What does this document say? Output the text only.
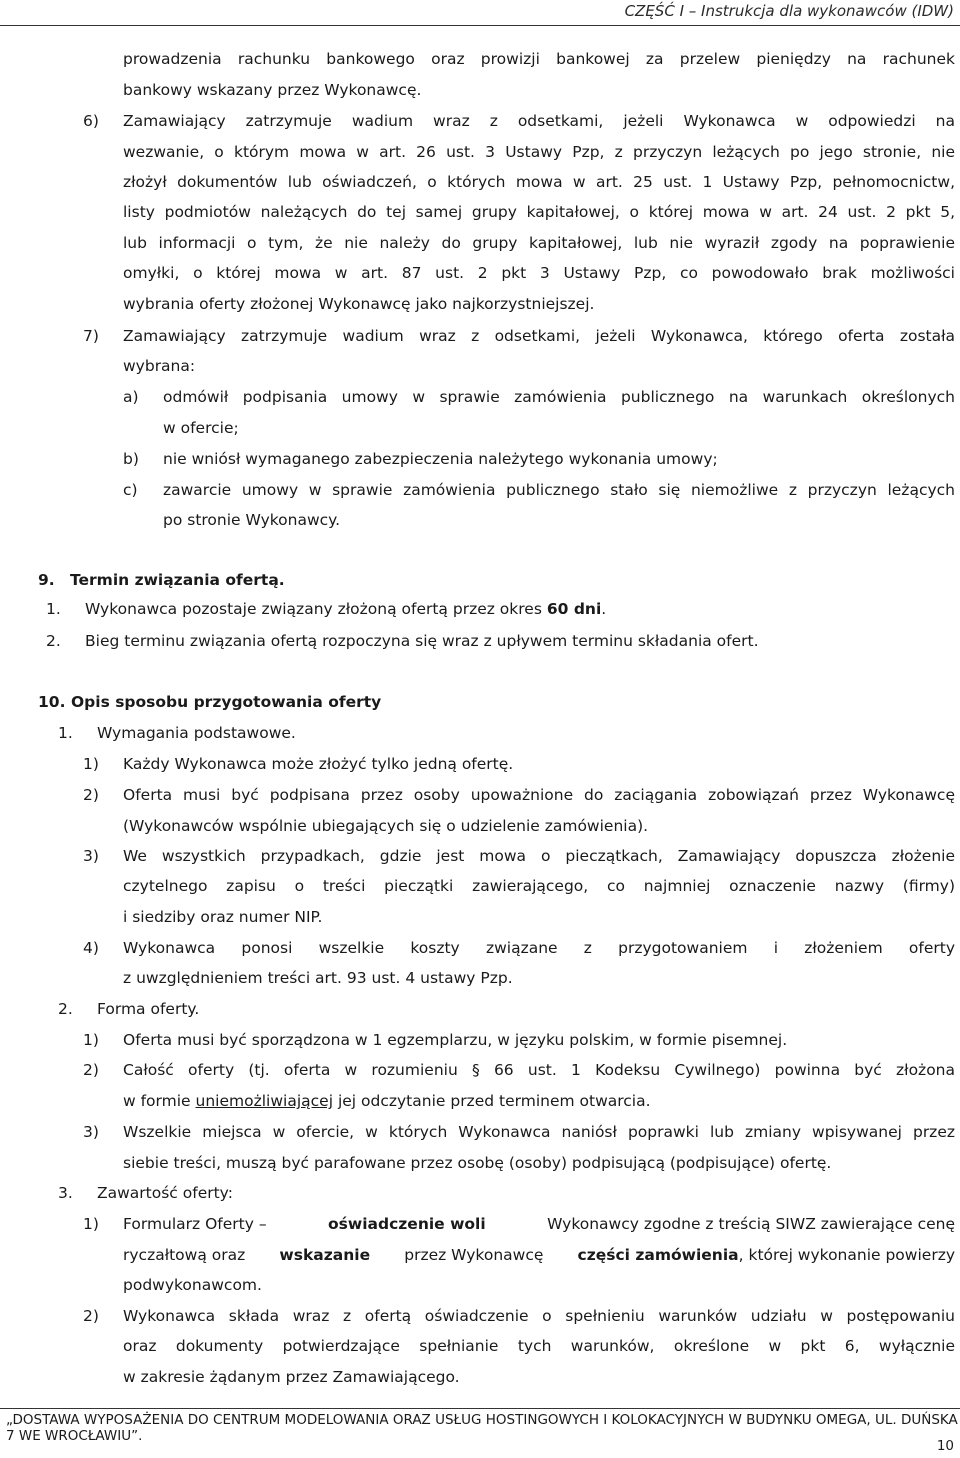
CZĘŚĆ I – Instrukcja dla wykonawców (IDW)
prowadzenia rachunku bankowego oraz prowizji bankowej za przelew pieniędzy na rachunek
bankowy wskazany przez Wykonawcę.
6) Zamawiający zatrzymuje wadium wraz z odsetkami, jeżeli Wykonawca w odpowiedzi na
wezwanie, o którym mowa w art. 26 ust. 3 Ustawy Pzp, z przyczyn leżących po jego stronie, nie
złożył dokumentów lub oświadczeń, o których mowa w art. 25 ust. 1 Ustawy Pzp, pełnomocnictw,
listy podmiotów należących do tej samej grupy kapitałowej, o której mowa w art. 24 ust. 2 pkt 5,
lub informacji o tym, że nie należy do grupy kapitałowej, lub nie wyraził zgody na poprawienie
omyłki, o której mowa w art. 87 ust. 2 pkt 3 Ustawy Pzp, co powodowało brak możliwości
wybrania oferty złożonej Wykonawcę jako najkorzystniejszej.
7) Zamawiający zatrzymuje wadium wraz z odsetkami, jeżeli Wykonawca, którego oferta została
wybrana:
a) odmówił podpisania umowy w sprawie zamówienia publicznego na warunkach określonych
w ofercie;
b) nie wniósł wymaganego zabezpieczenia należytego wykonania umowy;
c) zawarcie umowy w sprawie zamówienia publicznego stało się niemożliwe z przyczyn leżących
po stronie Wykonawcy.
9. Termin związania ofertą.
1. Wykonawca pozostaje związany złożoną ofertą przez okres 60 dni.
2. Bieg terminu związania ofertą rozpoczyna się wraz z upływem terminu składania ofert.
10. Opis sposobu przygotowania oferty
1. Wymagania podstawowe.
1) Każdy Wykonawca może złożyć tylko jedną ofertę.
2) Oferta musi być podpisana przez osoby upoważnione do zaciągania zobowiązań przez Wykonawcę
(Wykonawców wspólnie ubiegających się o udzielenie zamówienia).
3) We wszystkich przypadkach, gdzie jest mowa o pieczątkach, Zamawiający dopuszcza złożenie
czytelnego zapisu o treści pieczątki zawierającego, co najmniej oznaczenie nazwy (firmy)
i siedziby oraz numer NIP.
4) Wykonawca ponosi wszelkie koszty związane z przygotowaniem i złożeniem oferty
z uwzględnieniem treści art. 93 ust. 4 ustawy Pzp.
2. Forma oferty.
1) Oferta musi być sporządzona w 1 egzemplarzu, w języku polskim, w formie pisemnej.
2) Całość oferty (tj. oferta w rozumieniu § 66 ust. 1 Kodeksu Cywilnego) powinna być złożona
w formie uniemożliwiającej jej odczytanie przed terminem otwarcia.
3) Wszelkie miejsca w ofercie, w których Wykonawca naniósł poprawki lub zmiany wpisywanej przez
siebie treści, muszą być parafowane przez osobę (osoby) podpisującą (podpisujące) ofertę.
3. Zawartość oferty:
1) Formularz Oferty –	oświadczenie woli	Wykonawcy zgodne z treścią SIWZ zawierające cenę
ryczałtową oraz wskazanie przez Wykonawcę części zamówienia , której wykonanie powierzy
podwykonawcom.
2) Wykonawca składa wraz z ofertą oświadczenie o spełnieniu warunków udziału w postępowaniu
oraz dokumenty potwierdzające spełnianie tych warunków, określone w pkt 6, wyłącznie
w zakresie żądanym przez Zamawiającego.
„DOSTAWA WYPOSAŻENIA DO CENTRUM MODELOWANIA ORAZ USŁUG HOSTINGOWYCH I KOLOKACYJNYCH W BUDYNKU OMEGA, UL. DUŃSKA
7 WE WROCŁAWIU”.
10
